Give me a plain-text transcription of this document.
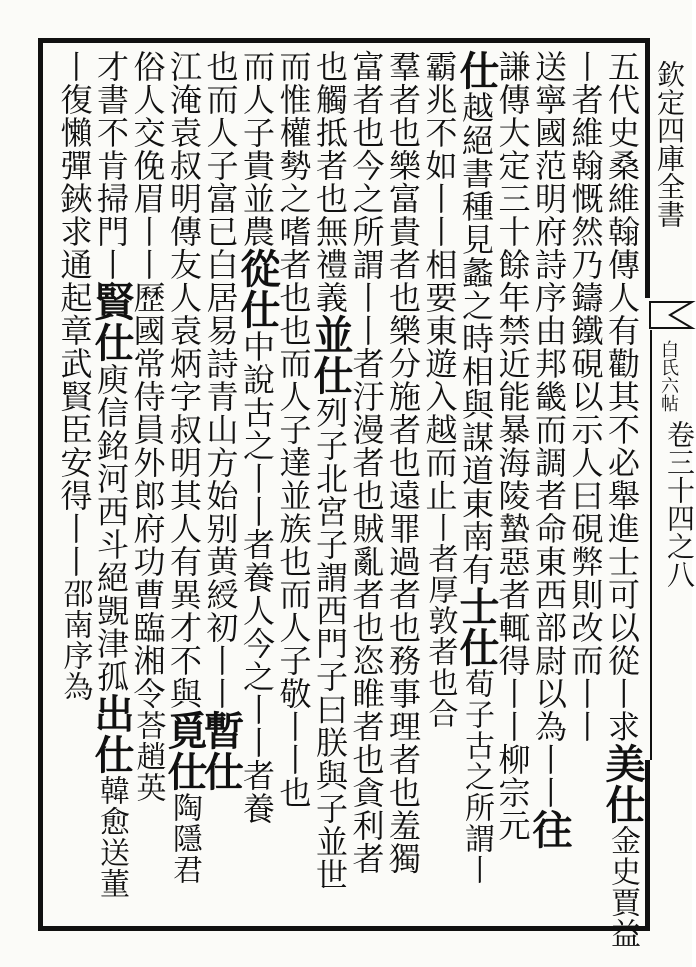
欽定四庫全書
白氏六帖
卷三十四之八
五代史桑維翰傳人有勸其不必舉進士可以從丨求美仕金史賈益
丨者維翰慨然乃鑄鐵硯以示人曰硯弊則改而丨丨
送寧國范明府詩序由邦畿而調者命東西部尉以為丨丨往
謙傳大定三十餘年禁近能暴海陵蟄惡者輒得丨丨柳宗元
仕越絕書種見蠡之時相與謀道東南有士仕荀子古之所謂丨
霸兆不如丨丨相要東遊入越而止丨者厚敦者也合
羣者也樂富貴者也樂分施者也遠罪過者也務事理者也羞獨
富者也今之所謂丨丨者汙漫者也賊亂者也恣睢者也貪利者
也觸抵者也無禮義並仕列子北宮子謂西門子曰朕與子並世
而惟權勢之嗜者也也而人子達並族也而人子敬丨丨也
而人子貴並農從仕中說古之丨丨者養人今之丨丨者養
也而人子富已白居易詩青山方始别黄綬初丨丨暫仕
江淹袁叔明傳友人袁炳字叔明其人有異才不與覓仕陶隱君
俗人交俛眉丨丨歷國常侍員外郎府功曹臨湘令荅趙英
才書不肯掃門丨賢仕庾信銘河西斗絕覬津孤出仕韓愈送董
丨復懶彈鋏求通起章武賢臣安得丨丨邵南序為
